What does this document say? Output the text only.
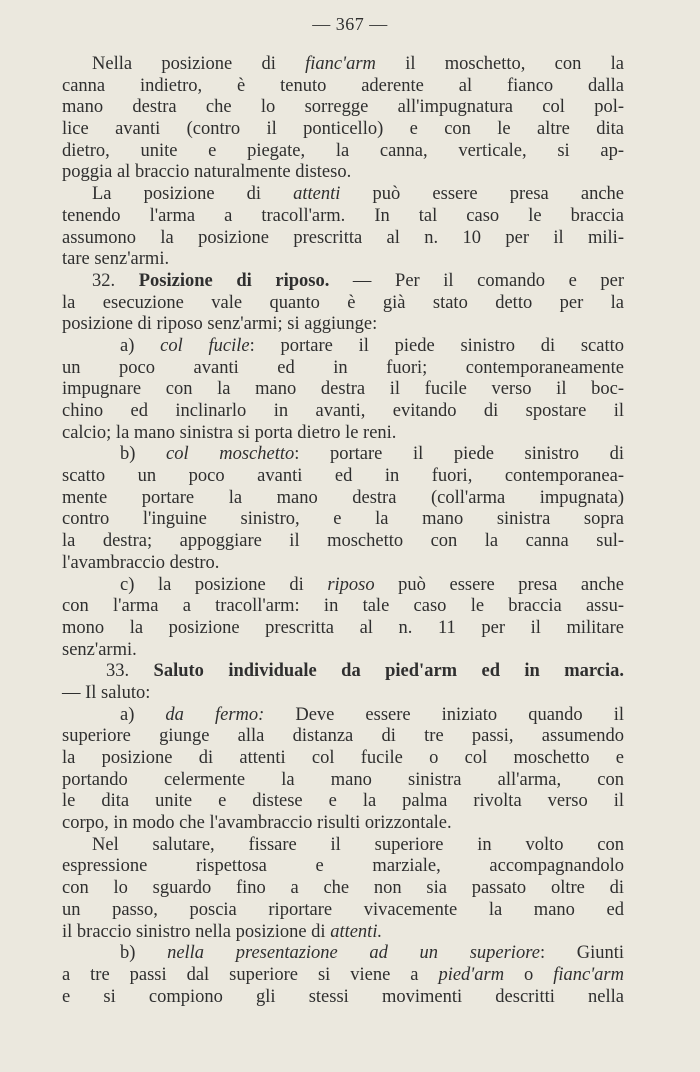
— 367 —
Nella posizione di fianc'arm il moschetto, con la
canna indietro, è tenuto aderente al fianco dalla
mano destra che lo sorregge all'impugnatura col pol-
lice avanti (contro il ponticello) e con le altre dita
dietro, unite e piegate, la canna, verticale, si ap-
poggia al braccio naturalmente disteso.
La posizione di attenti può essere presa anche
tenendo l'arma a tracoll'arm. In tal caso le braccia
assumono la posizione prescritta al n. 10 per il mili-
tare senz'armi.
32. Posizione di riposo. — Per il comando e per
la esecuzione vale quanto è già stato detto per la
posizione di riposo senz'armi; si aggiunge:
a) col fucile: portare il piede sinistro di scatto
un poco avanti ed in fuori; contemporaneamente
impugnare con la mano destra il fucile verso il boc-
chino ed inclinarlo in avanti, evitando di spostare il
calcio; la mano sinistra si porta dietro le reni.
b) col moschetto: portare il piede sinistro di
scatto un poco avanti ed in fuori, contemporanea-
mente portare la mano destra (coll'arma impugnata)
contro l'inguine sinistro, e la mano sinistra sopra
la destra; appoggiare il moschetto con la canna sul-
l'avambraccio destro.
c) la posizione di riposo può essere presa anche
con l'arma a tracoll'arm: in tale caso le braccia assu-
mono la posizione prescritta al n. 11 per il militare
senz'armi.
33. Saluto individuale da pied'arm ed in marcia.
— Il saluto:
a) da fermo: Deve essere iniziato quando il
superiore giunge alla distanza di tre passi, assumendo
la posizione di attenti col fucile o col moschetto e
portando celermente la mano sinistra all'arma, con
le dita unite e distese e la palma rivolta verso il
corpo, in modo che l'avambraccio risulti orizzontale.
Nel salutare, fissare il superiore in volto con
espressione rispettosa e marziale, accompagnandolo
con lo sguardo fino a che non sia passato oltre di
un passo, poscia riportare vivacemente la mano ed
il braccio sinistro nella posizione di attenti.
b) nella presentazione ad un superiore: Giunti
a tre passi dal superiore si viene a pied'arm o fianc'arm
e si compiono gli stessi movimenti descritti nella
